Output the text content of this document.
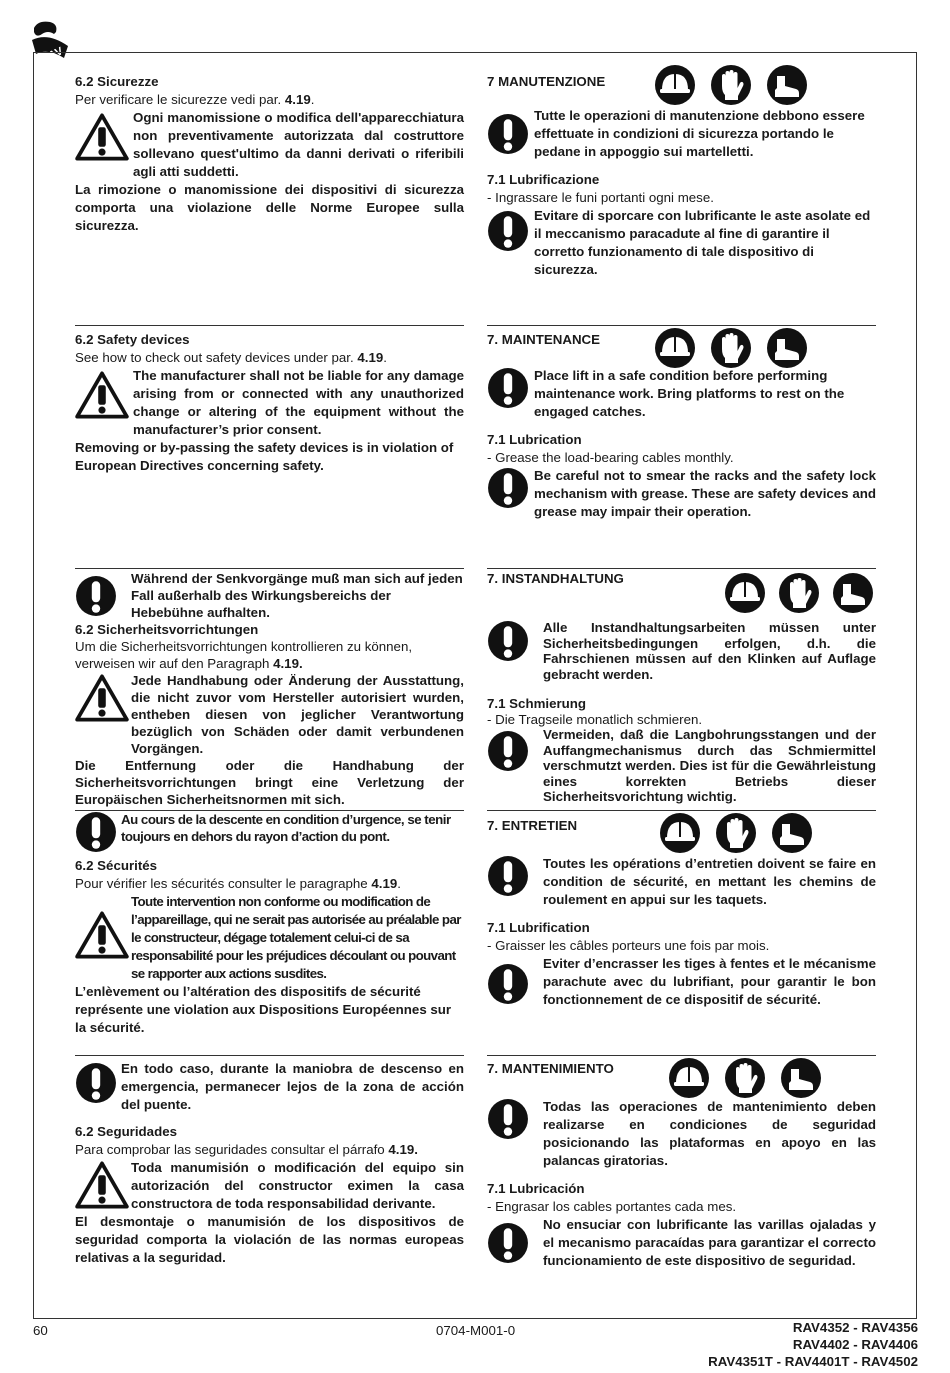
RAV
6.2 Sicurezze
Per verificare le sicurezze vedi par. 4.19.
Ogni manomissione o modifica dell'apparecchiatura non preventivamente autorizzata dal costruttore sollevano quest'ultimo da danni derivati o riferibili agli atti suddetti.
La rimozione o manomissione dei dispositivi di sicurezza comporta una violazione delle Norme Europee sulla sicurezza.
7 MANUTENZIONE
Tutte le operazioni di manutenzione debbono essere effettuate in condizioni di sicurezza portando le pedane in appoggio sui martelletti.
7.1 Lubrificazione
- Ingrassare le funi portanti ogni mese.
Evitare di sporcare con lubrificante le aste asolate ed il meccanismo paracadute al fine di garantire il corretto funzionamento di tale dispositivo di sicurezza.
6.2 Safety devices
See how to check out safety devices under par. 4.19.
The manufacturer shall not be liable for any damage arising from or connected with any unauthorized change or altering of the equipment without the manufacturer’s prior consent.
Removing or by-passing the safety devices is in violation of European Directives concerning safety.
7. MAINTENANCE
Place lift in a safe condition before performing maintenance work. Bring platforms to rest on the engaged catches.
7.1 Lubrication
- Grease the load-bearing cables monthly.
Be careful not to smear the racks and the safety lock mechanism with grease. These are safety devices and grease may impair their operation.
Während der Senkvorgänge muß man sich auf jeden Fall außerhalb des Wirkungsbereichs der Hebebühne aufhalten.
6.2 Sicherheitsvorrichtungen
Um die Sicherheitsvorrichtungen kontrollieren zu können, verweisen wir auf den Paragraph 4.19.
Jede Handhabung oder Änderung der Ausstattung, die nicht zuvor vom Hersteller autorisiert wurden, entheben diesen von jeglicher Verantwortung bezüglich von Schäden oder damit verbundenen Vorgängen.
Die Entfernung oder die Handhabung der Sicherheitsvorrichtungen bringt eine Verletzung der Europäischen Sicherheitsnormen mit sich.
7. INSTANDHALTUNG
Alle Instandhaltungsarbeiten müssen unter Sicherheitsbedingungen erfolgen, d.h. die Fahrschienen müssen auf den Klinken auf Auflage gebracht werden.
7.1 Schmierung
- Die Tragseile monatlich schmieren.
Vermeiden, daß die Langbohrungsstangen und der Auffangmechanismus durch das Schmiermittel verschmutzt werden. Dies ist für die Gewährleistung eines korrekten Betriebs dieser Sicherheitsvorichtung wichtig.
Au cours de la descente en condition d’urgence, se tenir toujours en dehors du rayon d’action du pont.
6.2 Sécurités
Pour vérifier les sécurités consulter le paragraphe 4.19.
Toute intervention non conforme ou modification de l’appareillage, qui ne serait pas autorisée au préalable par le constructeur, dégage totalement celui-ci de sa responsabilité pour les préjudices découlant ou pouvant se rapporter aux actions susdites.
L’enlèvement ou l’altération des dispositifs de sécurité représente une violation aux Dispositions Européennes sur la sécurité.
7. ENTRETIEN
Toutes les opérations d’entretien doivent se faire en condition de sécurité, en mettant les chemins de roulement en appui sur les taquets.
7.1 Lubrification
- Graisser les câbles porteurs une fois par mois.
Eviter d’encrasser les tiges à fentes et le mécanisme parachute avec du lubrifiant, pour garantir le bon fonctionnement de ce dispositif de sécurité.
En todo caso, durante la maniobra de descenso en emergencia, permanecer lejos de la zona de acción del puente.
6.2 Seguridades
Para comprobar las seguridades consultar el párrafo 4.19.
Toda manumisión o modificación del equipo sin autorización del constructor eximen la casa constructora de toda responsabilidad derivante.
El desmontaje o manumisión de los dispositivos de seguridad comporta la violación de las normas europeas relativas a la seguridad.
7. MANTENIMIENTO
Todas las operaciones de mantenimiento deben realizarse en condiciones de seguridad posicionando las plataformas en apoyo en las palancas giratorias.
7.1 Lubricación
- Engrasar los cables portantes cada mes.
No ensuciar con lubrificante las varillas ojaladas y el mecanismo paracaídas para garantizar el correcto funcionamiento de este dispositivo de seguridad.
60	0704-M001-0	RAV4352 - RAV4356
RAV4402 - RAV4406
RAV4351T - RAV4401T - RAV4502
